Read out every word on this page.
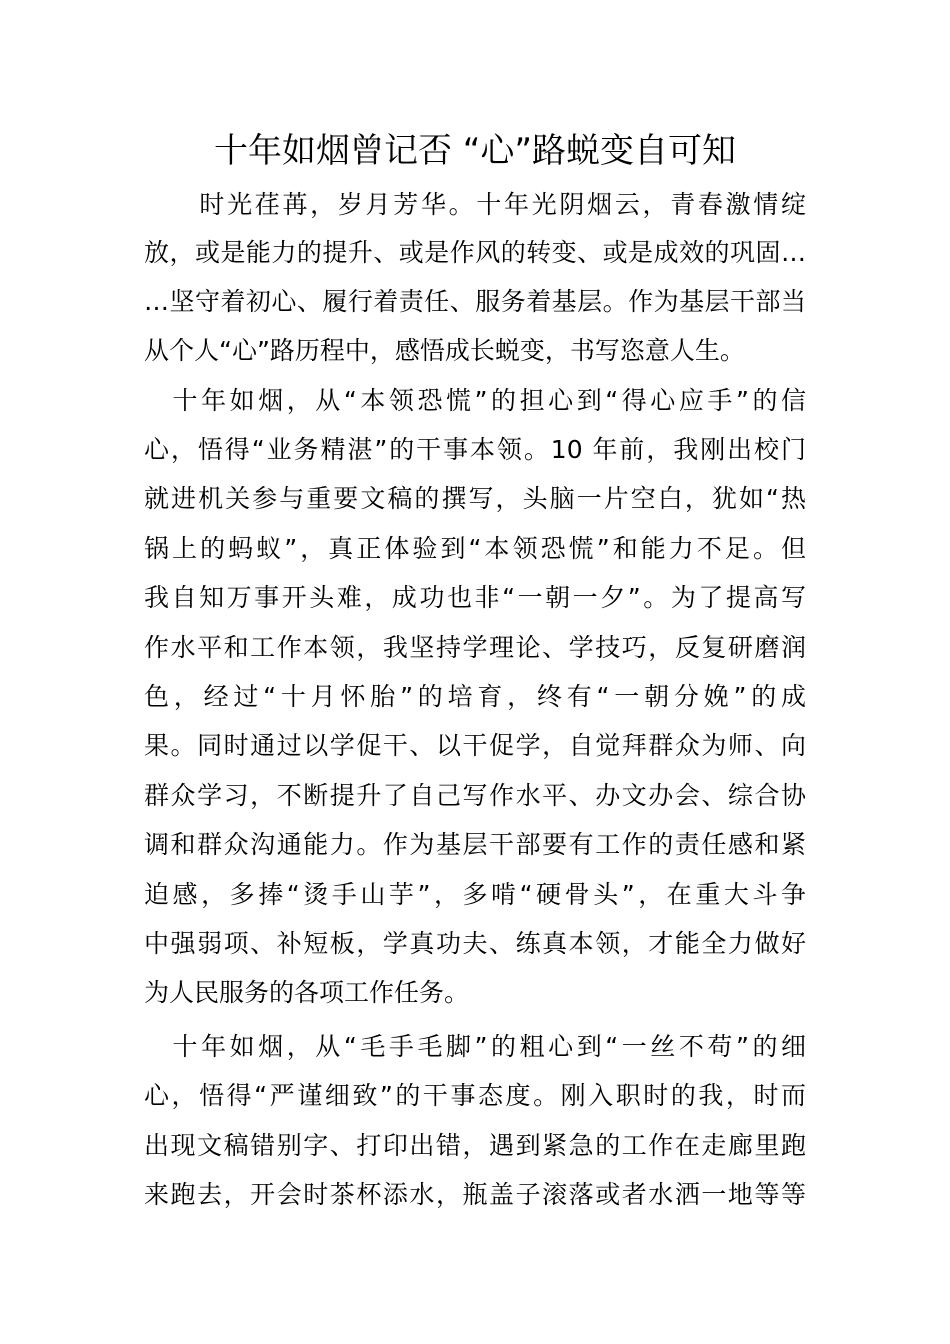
十年如烟曾记否 “心”路蜕变自可知
　　时光荏苒，岁月芳华。十年光阴烟云，青春激情绽
放，或是能力的提升、或是作风的转变、或是成效的巩固…
…坚守着初心、履行着责任、服务着基层。作为基层干部当
从个人“心”路历程中，感悟成长蜕变，书写恣意人生。
　十年如烟，从“本领恐慌”的担心到“得心应手”的信
心，悟得“业务精湛”的干事本领。10 年前，我刚出校门
就进机关参与重要文稿的撰写，头脑一片空白，犹如“热
锅上的蚂蚁”，真正体验到“本领恐慌”和能力不足。但
我自知万事开头难，成功也非“一朝一夕”。为了提高写
作水平和工作本领，我坚持学理论、学技巧，反复研磨润
色，经过“十月怀胎”的培育，终有“一朝分娩”的成
果。同时通过以学促干、以干促学，自觉拜群众为师、向
群众学习，不断提升了自己写作水平、办文办会、综合协
调和群众沟通能力。作为基层干部要有工作的责任感和紧
迫感，多捧“烫手山芋”，多啃“硬骨头”，在重大斗争
中强弱项、补短板，学真功夫、练真本领，才能全力做好
为人民服务的各项工作任务。
　十年如烟，从“毛手毛脚”的粗心到“一丝不苟”的细
心，悟得“严谨细致”的干事态度。刚入职时的我，时而
出现文稿错别字、打印出错，遇到紧急的工作在走廊里跑
来跑去，开会时茶杯添水，瓶盖子滚落或者水洒一地等等
